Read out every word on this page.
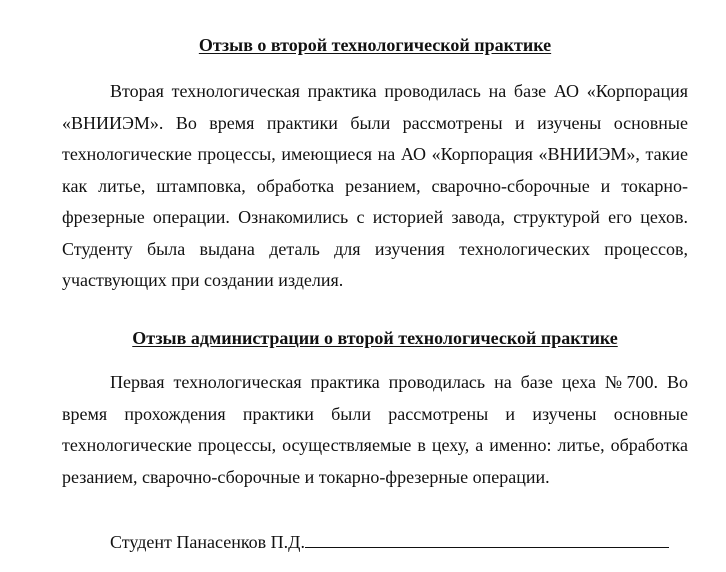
Отзыв о второй технологической практике

Вторая технологическая практика проводилась на базе АО «Корпорация «ВНИИЭМ». Во время практики были рассмотрены и изучены основные технологические процессы, имеющиеся на АО «Корпорация «ВНИИЭМ», такие как литье, штамповка, обработка резанием, сварочно-сборочные и токарно-фрезерные операции. Ознакомились с историей завода, структурой его цехов. Студенту была выдана деталь для изучения технологических процессов, участвующих при создании изделия.

Отзыв администрации о второй технологической практике

Первая технологическая практика проводилась на базе цеха №700. Во время прохождения практики были рассмотрены и изучены основные технологические процессы, осуществляемые в цеху, а именно: литье, обработка резанием, сварочно-сборочные и токарно-фрезерные операции.

Студент Панасенков П.Д.
